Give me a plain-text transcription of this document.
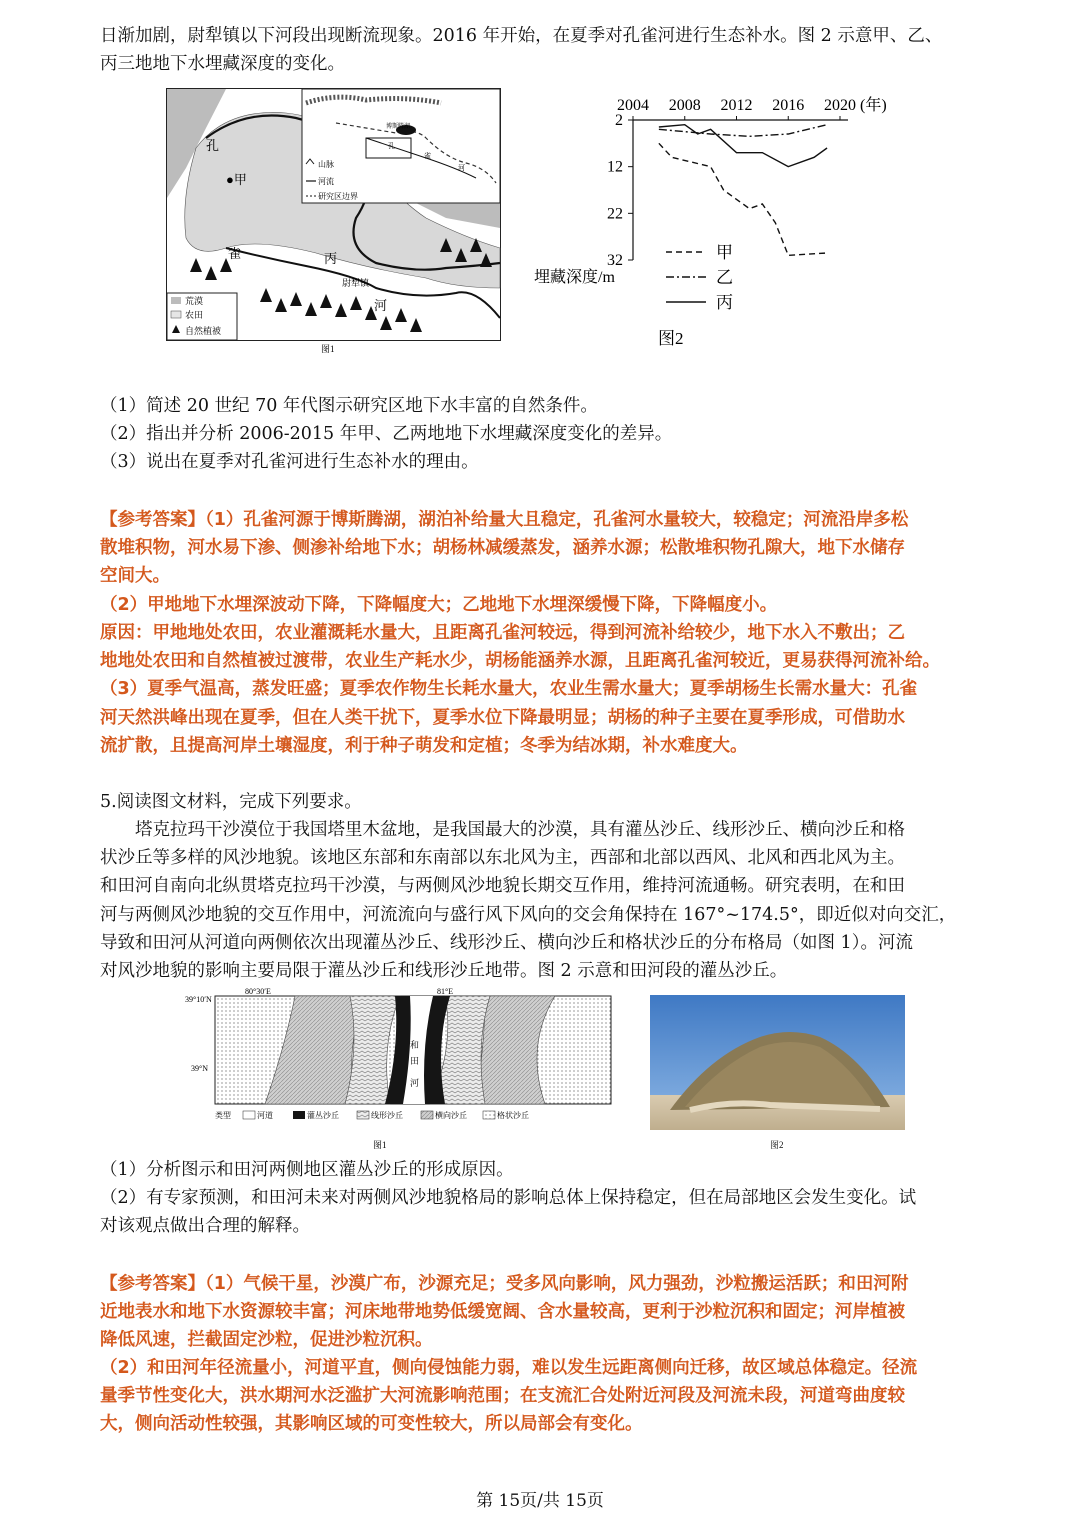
日渐加剧，尉犁镇以下河段出现断流现象。2016 年开始，在夏季对孔雀河进行生态补水。图 2 示意甲、乙、
丙三地地下水埋藏深度的变化。
博斯腾湖
孔
雀
河
山脉
河流
研究区边界
孔
●甲
雀	丙
河
尉犁镇
荒漠
农田
自然植被
图1
2004 2008 2012 2016 2020 (年)
2
12
22
32
埋藏深度/m
甲
乙
丙
图2
（1）简述 20 世纪 70 年代图示研究区地下水丰富的自然条件。
（2）指出并分析 2006-2015 年甲、乙两地地下水埋藏深度变化的差异。
（3）说出在夏季对孔雀河进行生态补水的理由。
【参考答案】（1）孔雀河源于博斯腾湖，湖泊补给量大且稳定，孔雀河水量较大，较稳定；河流沿岸多松
散堆积物，河水易下渗、侧渗补给地下水；胡杨林减缓蒸发，涵养水源；松散堆积物孔隙大，地下水储存
空间大。
（2）甲地地下水埋深波动下降，下降幅度大；乙地地下水埋深缓慢下降，下降幅度小。
原因：甲地地处农田，农业灌溉耗水量大，且距离孔雀河较远，得到河流补给较少，地下水入不敷出；乙
地地处农田和自然植被过渡带，农业生产耗水少，胡杨能涵养水源，且距离孔雀河较近，更易获得河流补给。
（3）夏季气温高，蒸发旺盛；夏季农作物生长耗水量大，农业生需水量大；夏季胡杨生长需水量大：孔雀
河天然洪峰出现在夏季，但在人类干扰下，夏季水位下降最明显；胡杨的种子主要在夏季形成，可借助水
流扩散，且提高河岸土壤湿度，利于种子萌发和定植；冬季为结冰期，补水难度大。
5.阅读图文材料，完成下列要求。
　　塔克拉玛干沙漠位于我国塔里木盆地，是我国最大的沙漠，具有灌丛沙丘、线形沙丘、横向沙丘和格
状沙丘等多样的风沙地貌。该地区东部和东南部以东北风为主，西部和北部以西风、北风和西北风为主。
和田河自南向北纵贯塔克拉玛干沙漠，与两侧风沙地貌长期交互作用，维持河流通畅。研究表明，在和田
河与两侧风沙地貌的交互作用中，河流流向与盛行风下风向的交会角保持在 167°~174.5°，即近似对向交汇，
导致和田河从河道向两侧依次出现灌丛沙丘、线形沙丘、横向沙丘和格状沙丘的分布格局（如图 1）。河流
对风沙地貌的影响主要局限于灌丛沙丘和线形沙丘地带。图 2 示意和田河段的灌丛沙丘。
和
田
河
80°30′E	81°E
39°10′N
39°N
类型	河道	灌丛沙丘	线形沙丘	横向沙丘	格状沙丘
图1	图2
（1）分析图示和田河两侧地区灌丛沙丘的形成原因。
（2）有专家预测，和田河未来对两侧风沙地貌格局的影响总体上保持稳定，但在局部地区会发生变化。试
对该观点做出合理的解释。
【参考答案】（1）气候干星，沙漠广布，沙源充足；受多风向影响，风力强劲，沙粒搬运活跃；和田河附
近地表水和地下水资源较丰富；河床地带地势低缓宽阔、含水量较高，更利于沙粒沉积和固定；河岸植被
降低风速，拦截固定沙粒，促进沙粒沉积。
（2）和田河年径流量小，河道平直，侧向侵蚀能力弱，难以发生远距离侧向迁移，故区域总体稳定。径流
量季节性变化大，洪水期河水泛滥扩大河流影响范围；在支流汇合处附近河段及河流未段，河道弯曲度较
大，侧向活动性较强，其影响区域的可变性较大，所以局部会有变化。
第 15页/共 15页
